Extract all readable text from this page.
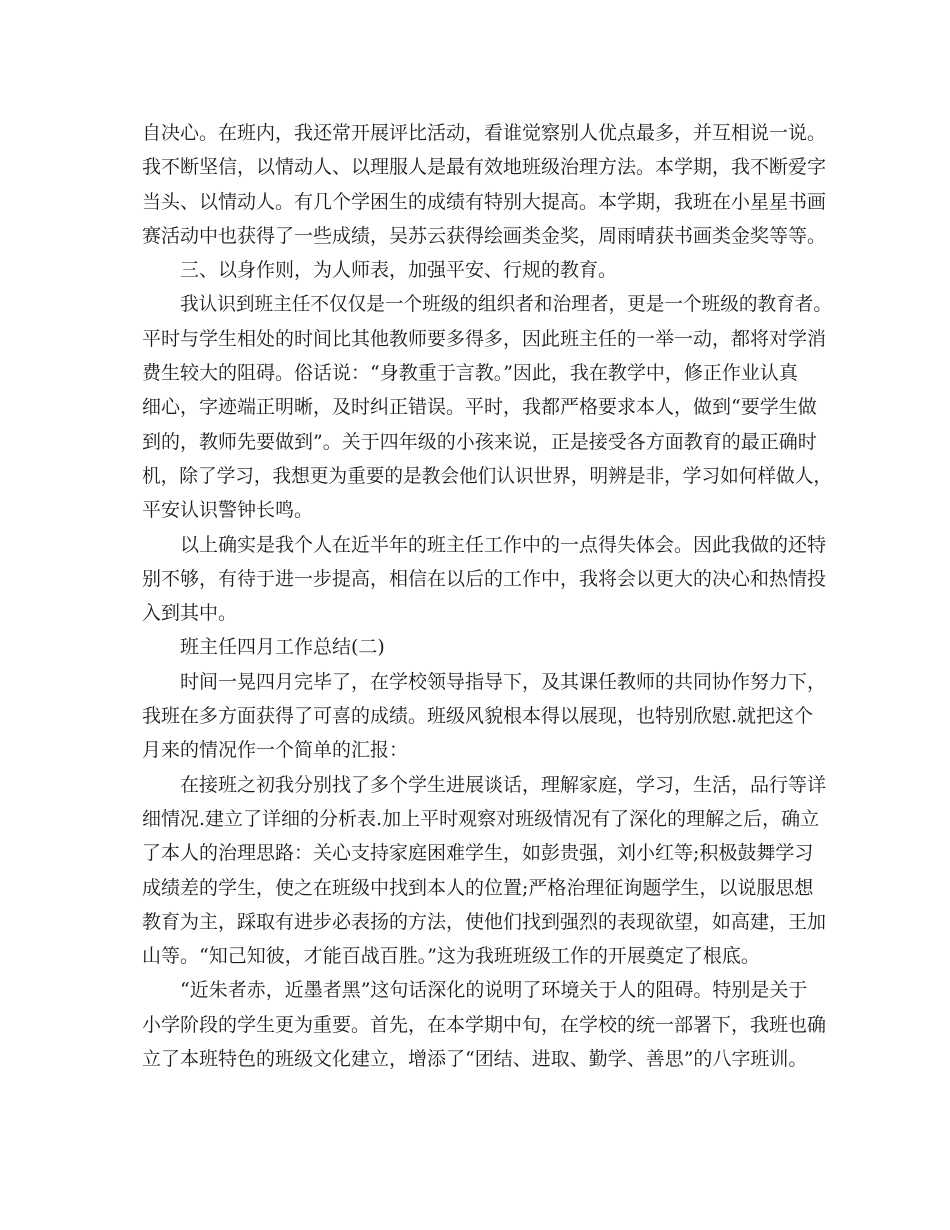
自决心。在班内，我还常开展评比活动，看谁觉察别人优点最多，并互相说一说。
我不断坚信，以情动人、以理服人是最有效地班级治理方法。本学期，我不断爱字
当头、以情动人。有几个学困生的成绩有特别大提高。本学期，我班在小星星书画
赛活动中也获得了一些成绩，吴苏云获得绘画类金奖，周雨晴获书画类金奖等等。
三、以身作则，为人师表，加强平安、行规的教育。
我认识到班主任不仅仅是一个班级的组织者和治理者，更是一个班级的教育者。
平时与学生相处的时间比其他教师要多得多，因此班主任的一举一动，都将对学消
费生较大的阻碍。俗话说：“身教重于言教。”因此，我在教学中，修正作业认真
细心，字迹端正明晰，及时纠正错误。平时，我都严格要求本人，做到“要学生做
到的，教师先要做到”。关于四年级的小孩来说，正是接受各方面教育的最正确时
机，除了学习，我想更为重要的是教会他们认识世界，明辨是非，学习如何样做人，
平安认识警钟长鸣。
以上确实是我个人在近半年的班主任工作中的一点得失体会。因此我做的还特
别不够，有待于进一步提高，相信在以后的工作中，我将会以更大的决心和热情投
入到其中。
班主任四月工作总结(二)
时间一晃四月完毕了，在学校领导指导下，及其课任教师的共同协作努力下，
我班在多方面获得了可喜的成绩。班级风貌根本得以展现，也特别欣慰.就把这个
月来的情况作一个简单的汇报：
在接班之初我分别找了多个学生进展谈话，理解家庭，学习，生活，品行等详
细情况.建立了详细的分析表.加上平时观察对班级情况有了深化的理解之后，确立
了本人的治理思路：关心支持家庭困难学生，如彭贵强，刘小红等;积极鼓舞学习
成绩差的学生，使之在班级中找到本人的位置;严格治理征询题学生，以说服思想
教育为主，踩取有进步必表扬的方法，使他们找到强烈的表现欲望，如高建，王加
山等。“知己知彼，才能百战百胜。”这为我班班级工作的开展奠定了根底。
“近朱者赤，近墨者黑”这句话深化的说明了环境关于人的阻碍。特别是关于
小学阶段的学生更为重要。首先，在本学期中旬，在学校的统一部署下，我班也确
立了本班特色的班级文化建立，增添了“团结、进取、勤学、善思”的八字班训。
